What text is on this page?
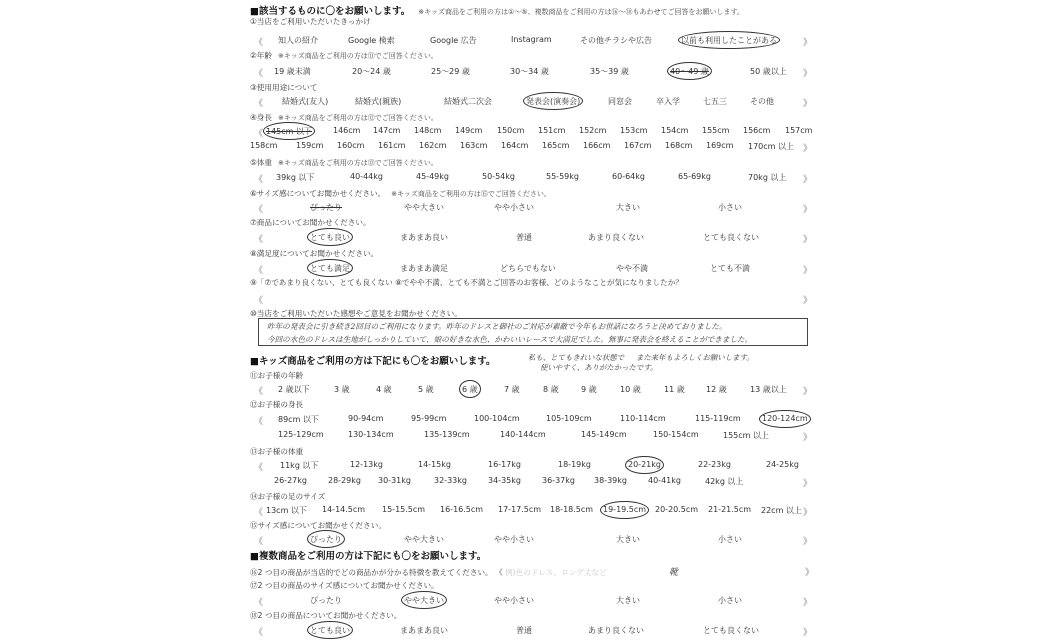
■該当するものに〇をお願いします。 ※キッズ商品をご利用の方は①～⑤、複数商品をご利用の方は⑯～⑱もあわせてご回答をお願いします。
①当店をご利用いただいたきっかけ
《 知人の紹介	Google 検索	Google 広告	Instagram	その他チラシや広告	以前も利用したことがある	》
②年齢 ※キッズ商品をご利用の方は⑪でご回答ください。
《 19 歳未満	20～24 歳	25～29 歳	30～34 歳	35～39 歳	40～49 歳	50 歳以上 》
③使用用途について
《 結婚式(友人)	結婚式(親族)	結婚式二次会	発表会(演奏会)	同窓会	卒入学	七五三	その他	》
④身長 ※キッズ商品をご利用の方は⑫でご回答ください。
《 145cm 以下	146cm 147cm 148cm 149cm 150cm 151cm 152cm 153cm 154cm 155cm 156cm 157cm
158cm 159cm 160cm 161cm 162cm 163cm 164cm 165cm 166cm 167cm 168cm 169cm 170cm 以上 》
⑤体重 ※キッズ商品をご利用の方は⑬でご回答ください。
《 39kg 以下	40-44kg	45-49kg	50-54kg	55-59kg	60-64kg	65-69kg	70kg 以上 》
⑥サイズ感についてお聞かせください。 ※キッズ商品をご利用の方は⑮でご回答ください。
《	ぴったり	やや大きい	やや小さい	大きい	小さい	》
⑦商品についてお聞かせください。
《	とても良い	まあまあ良い	普通	あまり良くない	とても良くない	》
⑧満足度についてお聞かせください。
《	とても満足	まあまあ満足	どちらでもない	やや不満	とても不満	》
⑨「⑦であまり良くない、とても良くない ⑧でやや不満、とても不満とご回答のお客様、どのようなことが気になりましたか？
《	》
⑩当店をご利用いただいた感想やご意見をお聞かせください。
昨年の発表会に引き続き2回目のご利用になります。昨年のドレスと御社のご対応が素敵で今年もお世話になろうと決めておりました。
今回の水色のドレスは生地がしっかりしていて、娘の好きな水色、かわいいレースで大満足でした。無事に発表会を終えることができました。
■キッズ商品をご利用の方は下記にも〇をお願いします。	私も、とてもきれいな状態で また来年もよろしくお願いします。
使いやすく、ありがたかったです。
⑪お子様の年齢
《 2 歳以下	3 歳	4 歳	5 歳	6 歳	7 歳	8 歳	9 歳	10 歳	11 歳	12 歳	13 歳以上 》
⑫お子様の身長
《 89cm 以下	90-94cm	95-99cm	100-104cm	105-109cm	110-114cm	115-119cm	120-124cm
125-129cm	130-134cm	135-139cm	140-144cm	145-149cm	150-154cm	155cm 以上	》
⑬お子様の体重
《 11kg 以下	12-13kg	14-15kg	16-17kg	18-19kg	20-21kg	22-23kg	24-25kg
26-27kg	28-29kg 30-31kg	32-33kg	34-35kg	36-37kg 38-39kg	40-41kg	42kg 以上	》
⑭お子様の足のサイズ
《 13cm 以下 14-14.5cm 15-15.5cm 16-16.5cm 17-17.5cm 18-18.5cm 19-19.5cm 20-20.5cm 21-21.5cm 22cm 以上 》
⑮サイズ感についてお聞かせください。
《	ぴったり	やや大きい	やや小さい	大きい	小さい	》
■複数商品をご利用の方は下記にも〇をお願いします。
⑯2 つ目の商品が当店的でどの商品かが分かる特徴を教えてください。 《 例)色のドレス、ロング丈など	靴	》
⑰2 つ目の商品のサイズ感についてお聞かせください。
《	ぴったり	やや大きい	やや小さい	大きい	小さい	》
⑱2 つ目の商品についてお聞かせください。
《	とても良い	まあまあ良い	普通	あまり良くない	とても良くない	》
